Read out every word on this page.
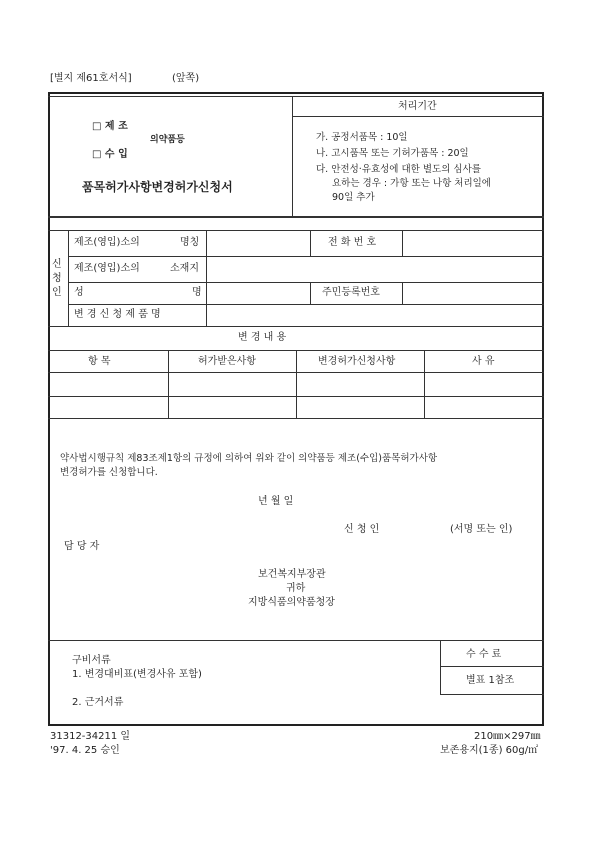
[별지 제61호서식]	(앞쪽)
□ 제 조
□ 수 입
의약품등
품목허가사항변경허가신청서
처리기간
가. 공정서품목 : 10일
나. 고시품목 또는 기허가품목 : 20일
다. 안전성·유효성에 대한 별도의 심사를
요하는 경우 : 가항 또는 나항 처리일에
90일 추가
신
청
인
제조(영입)소의	명칭	전 화 번 호
제조(영입)소의	소재지
성	명	주민등록번호
변 경 신 청 제 품 명
변 경 내 용
항 목	허가받은사항	변경허가신청사항	사 유
약사법시행규칙 제83조제1항의 규정에 의하여 위와 같이 의약품등 제조(수입)품목허가사항
변경허가를 신청합니다.
년 월 일
신 청 인	(서명 또는 인)
담 당 자
보건복지부장관
귀하
지방식품의약품청장
구비서류
1. 변경대비표(변경사유 포함)
2. 근거서류
수 수 료
별표 1참조
31312-34211 일
'97. 4. 25 승인
210㎜×297㎜
보존용지(1종) 60g/㎡
